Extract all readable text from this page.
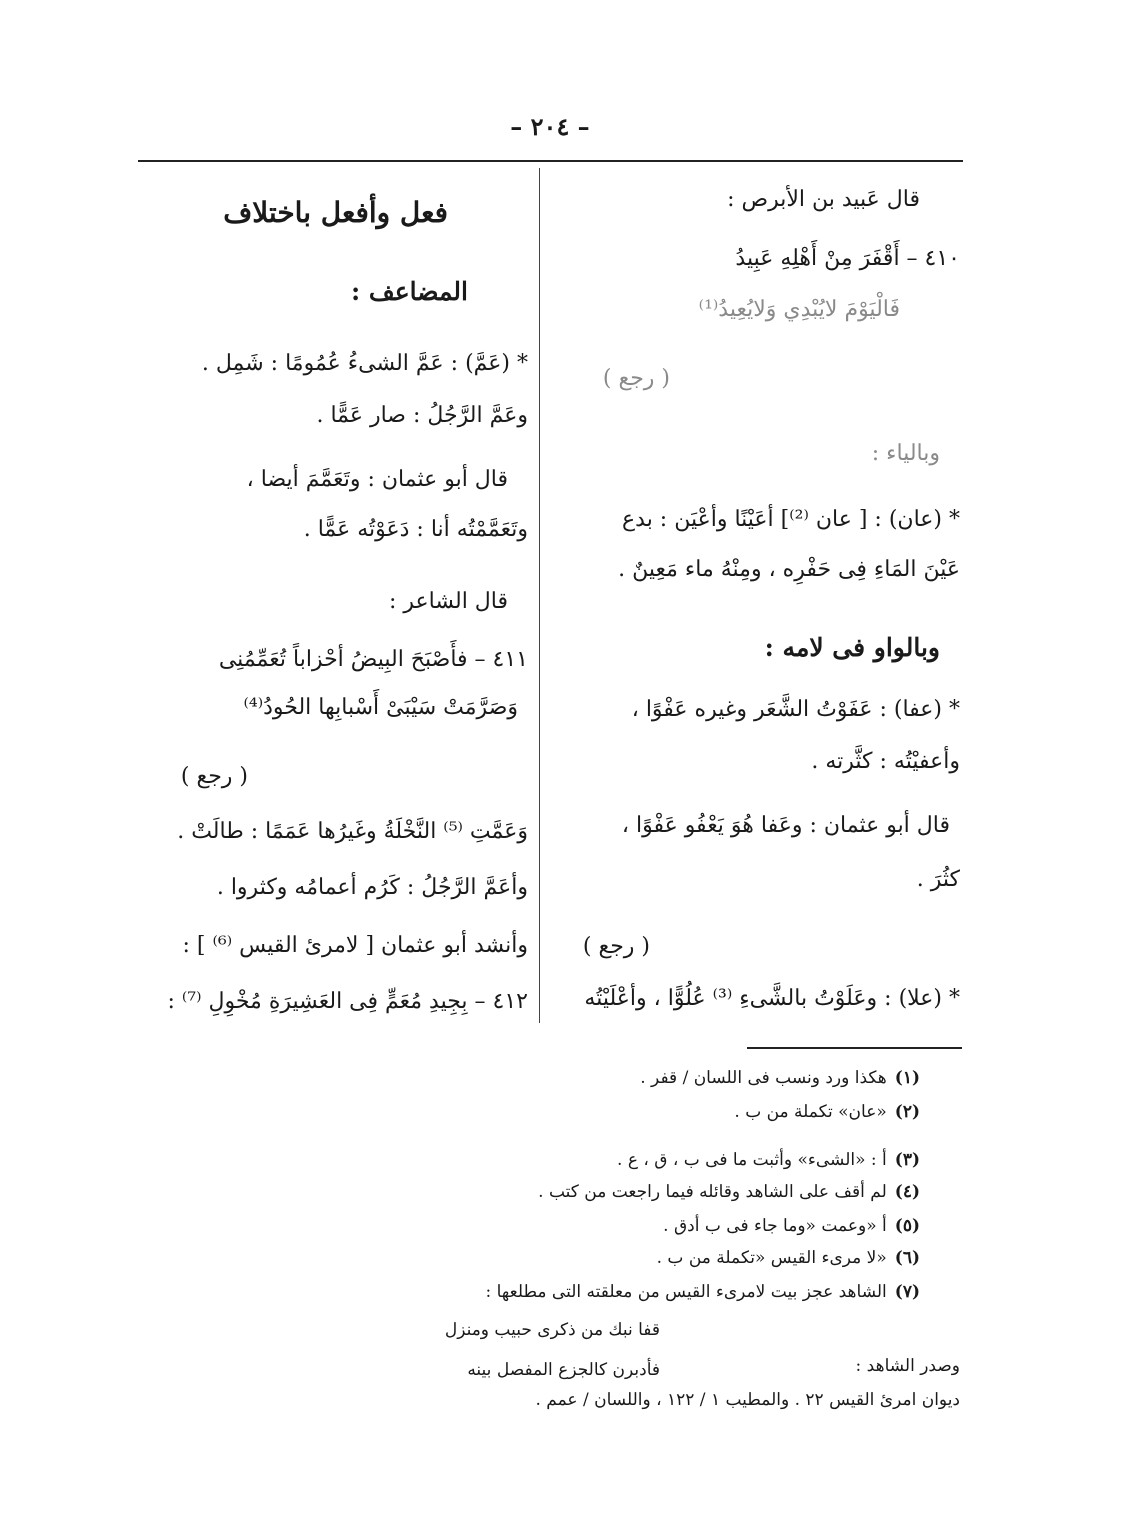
– ٢٠٤ –
قال عَبيد بن الأبرص :
٤١٠ – أَقْفَرَ مِنْ أَهْلِهِ عَبِيدُ
فَالْيَوْمَ لايُبْدِي وَلايُعِيدُ⁽¹⁾
( رجع )
وبالياء :
* (عان) : [ عان ⁽²⁾] أعَيْنًا وأعْيَن : بدع
عَيْنَ المَاءِ فِى حَفْرِه ، ومِنْهُ ماء مَعِينٌ .
وبالواو فى لامه :
* (عفا) : عَفَوْتُ الشَّعَر وغيره عَفْوًا ،
وأعفيْتُه : كثَّرته .
قال أبو عثمان : وعَفا هُوَ يَعْفُو عَفْوًا ،
كثُرَ .
( رجع )
* (علا) : وعَلَوْتُ بالشَّىءِ ⁽³⁾ عُلُوًّا ، وأعْلَيْتُه
فعل وأفعل باختلاف
المضاعف :
* (عَمَّ) : عَمَّ الشىءُ عُمُومًا : شَمِل .
وعَمَّ الرَّجُلُ : صار عَمًّا .
قال أبو عثمان : وتَعَمَّمَ أيضا ،
وتَعَمَّمْتُه أنا : دَعَوْتُه عَمًّا .
قال الشاعر :
٤١١ – فأَصْبَحَ البِيضُ أحْزاباً تُعَمِّمُنِى
وَصَرَّمَتْ سَيْبَىْ أَسْبابِها الحُودُ⁽⁴⁾
( رجع )
وَعَمَّتِ ⁽⁵⁾ النَّخْلَةُ وغَيرُها عَمَمًا : طالَتْ .
وأعَمَّ الرَّجُلُ : كَرُم أعمامُه وكثروا .
وأنشد أبو عثمان [ لامرئ القيس ⁽⁶⁾ ] :
٤١٢ – بِجِيدِ مُعَمٍّ فِى العَشِيرَةِ مُخْوِلِ ⁽⁷⁾ :
(١)هكذا ورد ونسب فى اللسان / قفر .
(٢)«عان» تكملة من ب .
(٣)أ : «الشىء» وأثبت ما فى ب ، ق ، ع .
(٤)لم أقف على الشاهد وقائله فيما راجعت من كتب .
(٥)أ «وعمت «وما جاء فى ب أدق .
(٦)«لا مرىء القيس «تكملة من ب .
(٧)الشاهد عجز بيت لامرىء القيس من معلقته التى مطلعها :
قفا نبك من ذكرى حبيب ومنزل
وصدر الشاهد :
فأدبرن كالجزع المفصل بينه
ديوان امرئ القيس ٢٢ . والمطيب ١ / ١٢٢ ، واللسان / عمم .
